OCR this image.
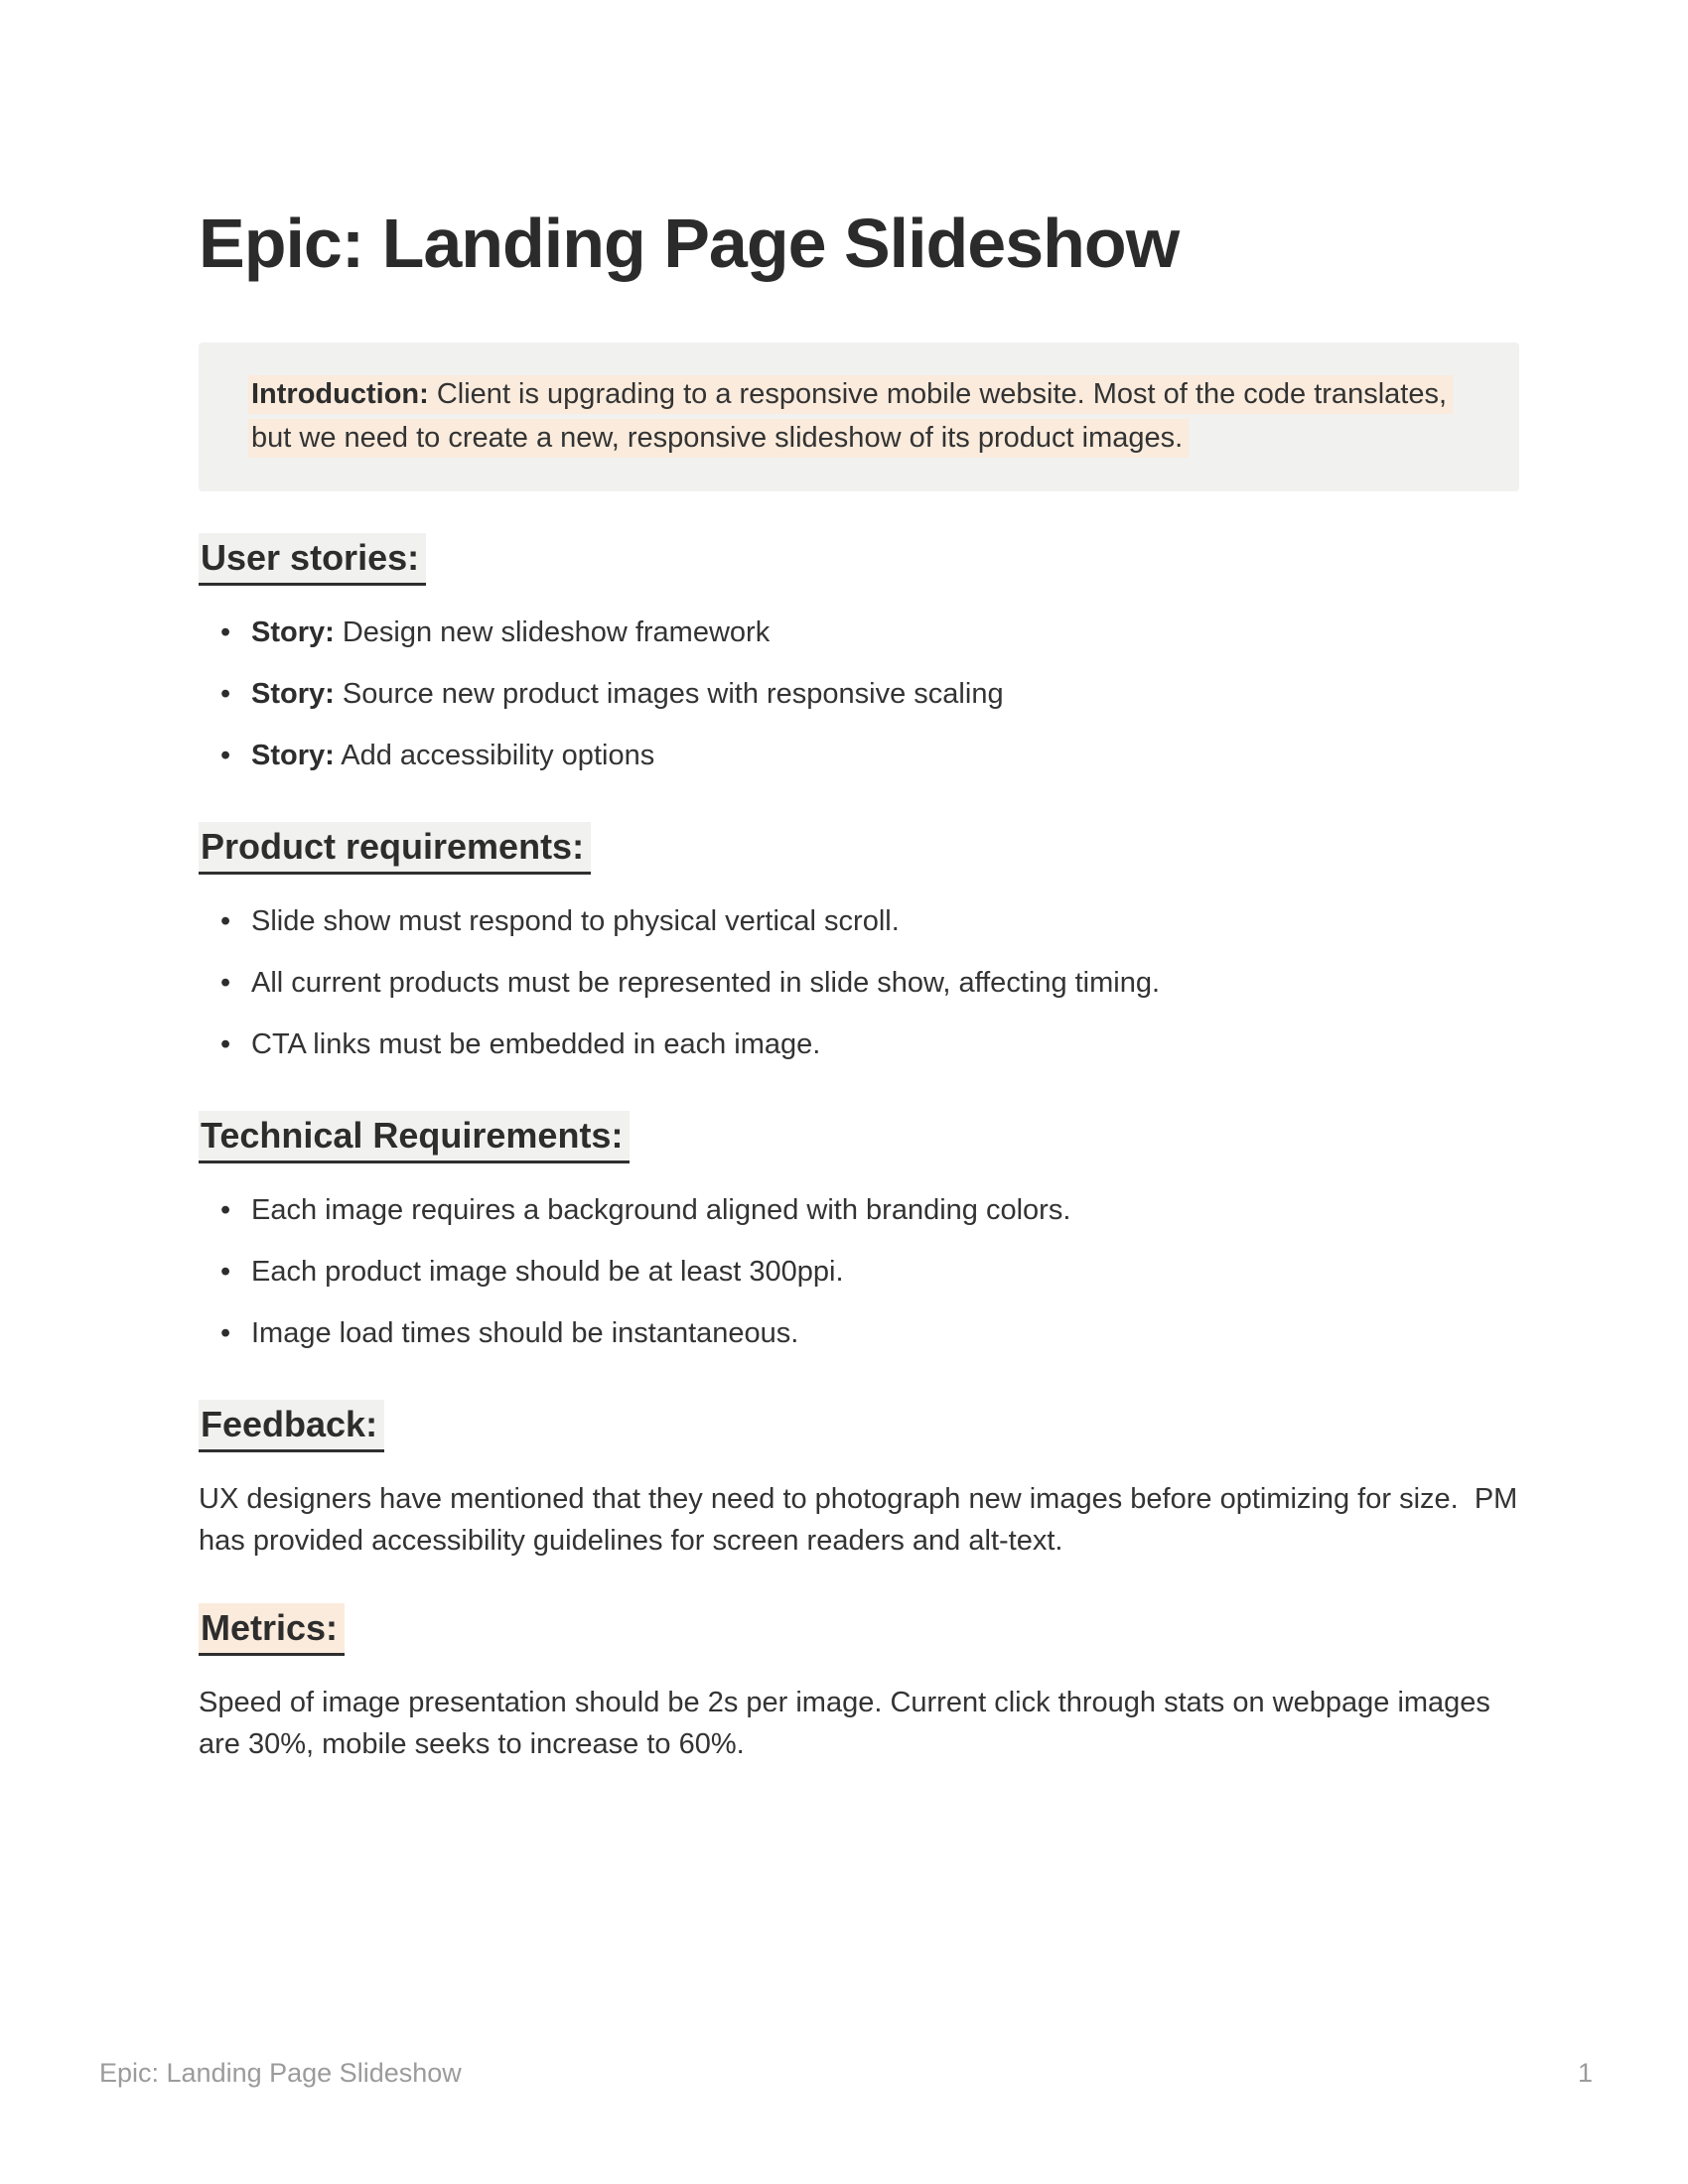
Epic: Landing Page Slideshow

Introduction: Client is upgrading to a responsive mobile website. Most of the code translates, but we need to create a new, responsive slideshow of its product images.

User stories:
• Story: Design new slideshow framework
• Story: Source new product images with responsive scaling
• Story: Add accessibility options
Product requirements:
• Slide show must respond to physical vertical scroll.
• All current products must be represented in slide show, affecting timing.
• CTA links must be embedded in each image.
Technical Requirements:
• Each image requires a background aligned with branding colors.
• Each product image should be at least 300ppi.
• Image load times should be instantaneous.
Feedback:

UX designers have mentioned that they need to photograph new images before optimizing for size.  PM has provided accessibility guidelines for screen readers and alt-text.

Metrics:

Speed of image presentation should be 2s per image. Current click through stats on webpage images are 30%, mobile seeks to increase to 60%.

Epic: Landing Page Slideshow	1
